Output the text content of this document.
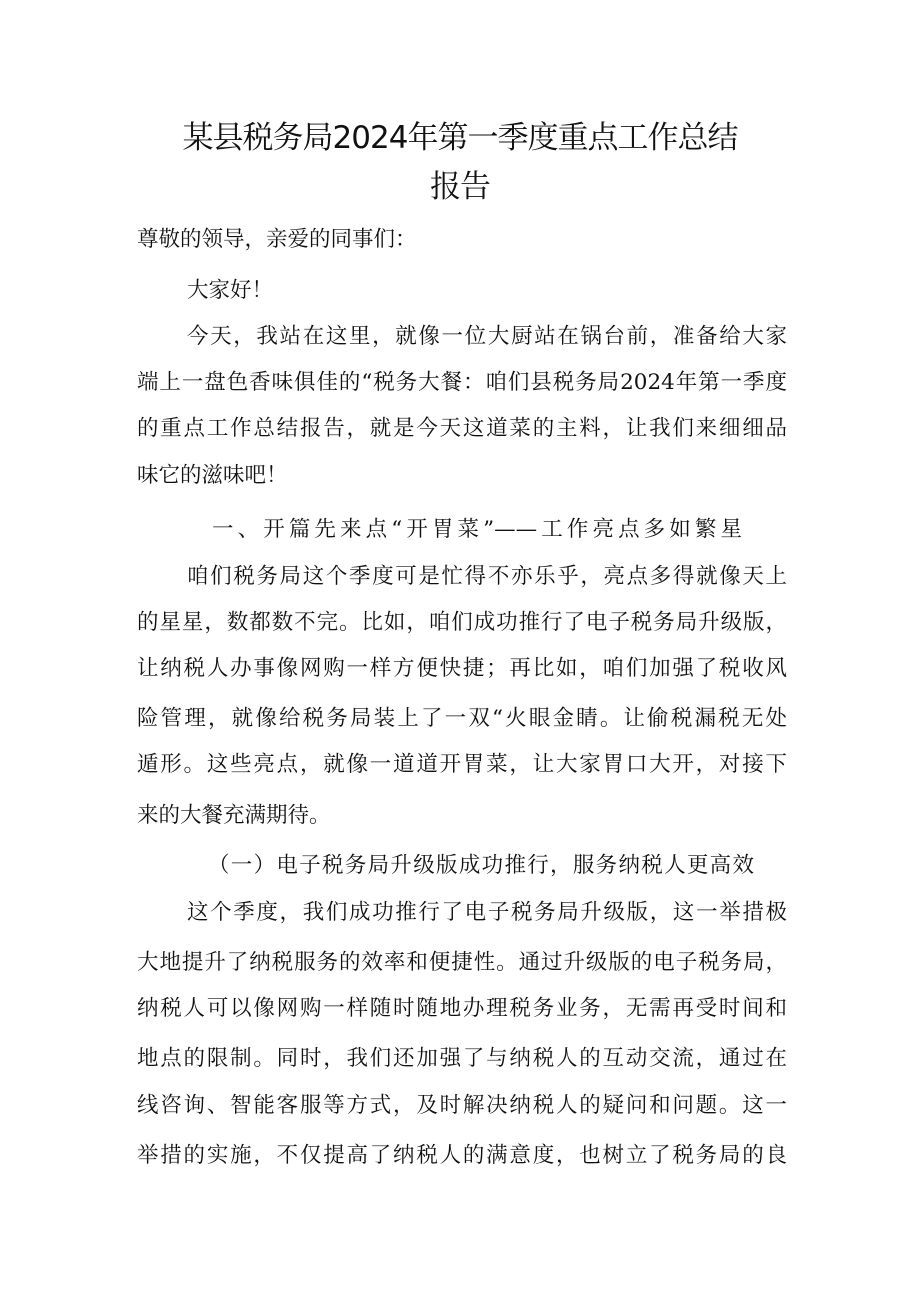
某县税务局2024年第一季度重点工作总结
报告
尊敬的领导，亲爱的同事们：
大家好！
今天，我站在这里，就像一位大厨站在锅台前，准备给大家
端上一盘色香味俱佳的“税务大餐：咱们县税务局2024年第一季度
的重点工作总结报告，就是今天这道菜的主料，让我们来细细品
味它的滋味吧！
一、开篇先来点“开胃菜”——工作亮点多如繁星
咱们税务局这个季度可是忙得不亦乐乎，亮点多得就像天上
的星星，数都数不完。比如，咱们成功推行了电子税务局升级版，
让纳税人办事像网购一样方便快捷；再比如，咱们加强了税收风
险管理，就像给税务局装上了一双“火眼金睛。让偷税漏税无处
遁形。这些亮点，就像一道道开胃菜，让大家胃口大开，对接下
来的大餐充满期待。
（一）电子税务局升级版成功推行，服务纳税人更高效
这个季度，我们成功推行了电子税务局升级版，这一举措极
大地提升了纳税服务的效率和便捷性。通过升级版的电子税务局，
纳税人可以像网购一样随时随地办理税务业务，无需再受时间和
地点的限制。同时，我们还加强了与纳税人的互动交流，通过在
线咨询、智能客服等方式，及时解决纳税人的疑问和问题。这一
举措的实施，不仅提高了纳税人的满意度，也树立了税务局的良
